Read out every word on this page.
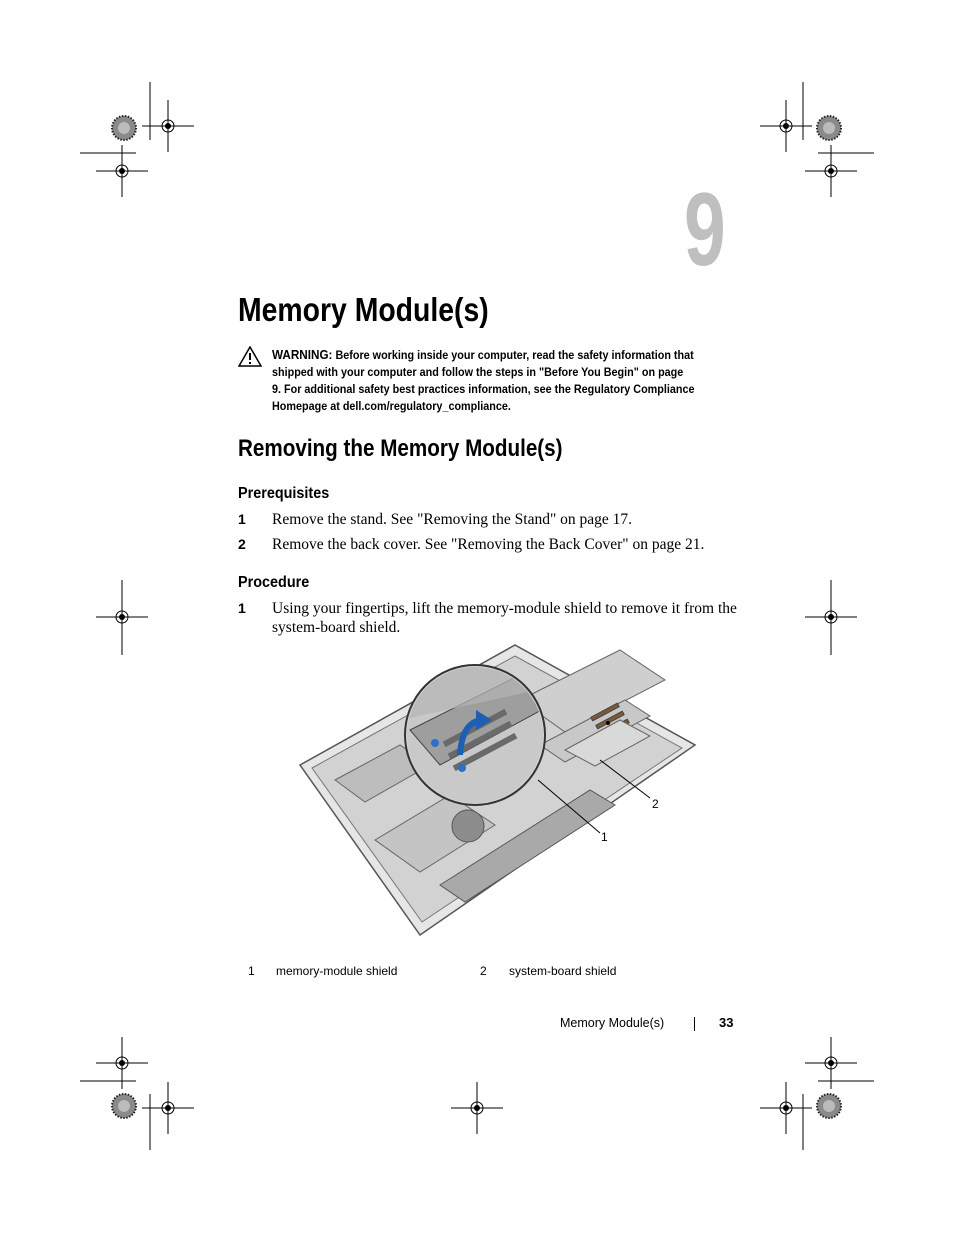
9
Memory Module(s)
WARNING: Before working inside your computer, read the safety information that shipped with your computer and follow the steps in "Before You Begin" on page 9. For additional safety best practices information, see the Regulatory Compliance Homepage at dell.com/regulatory_compliance.
Removing the Memory Module(s)
Prerequisites
1 Remove the stand. See "Removing the Stand" on page 17.
2 Remove the back cover. See "Removing the Back Cover" on page 21.
Procedure
1 Using your fingertips, lift the memory-module shield to remove it from the system-board shield.
1
2
1 memory-module shield	2 system-board shield
Memory Module(s)	33
